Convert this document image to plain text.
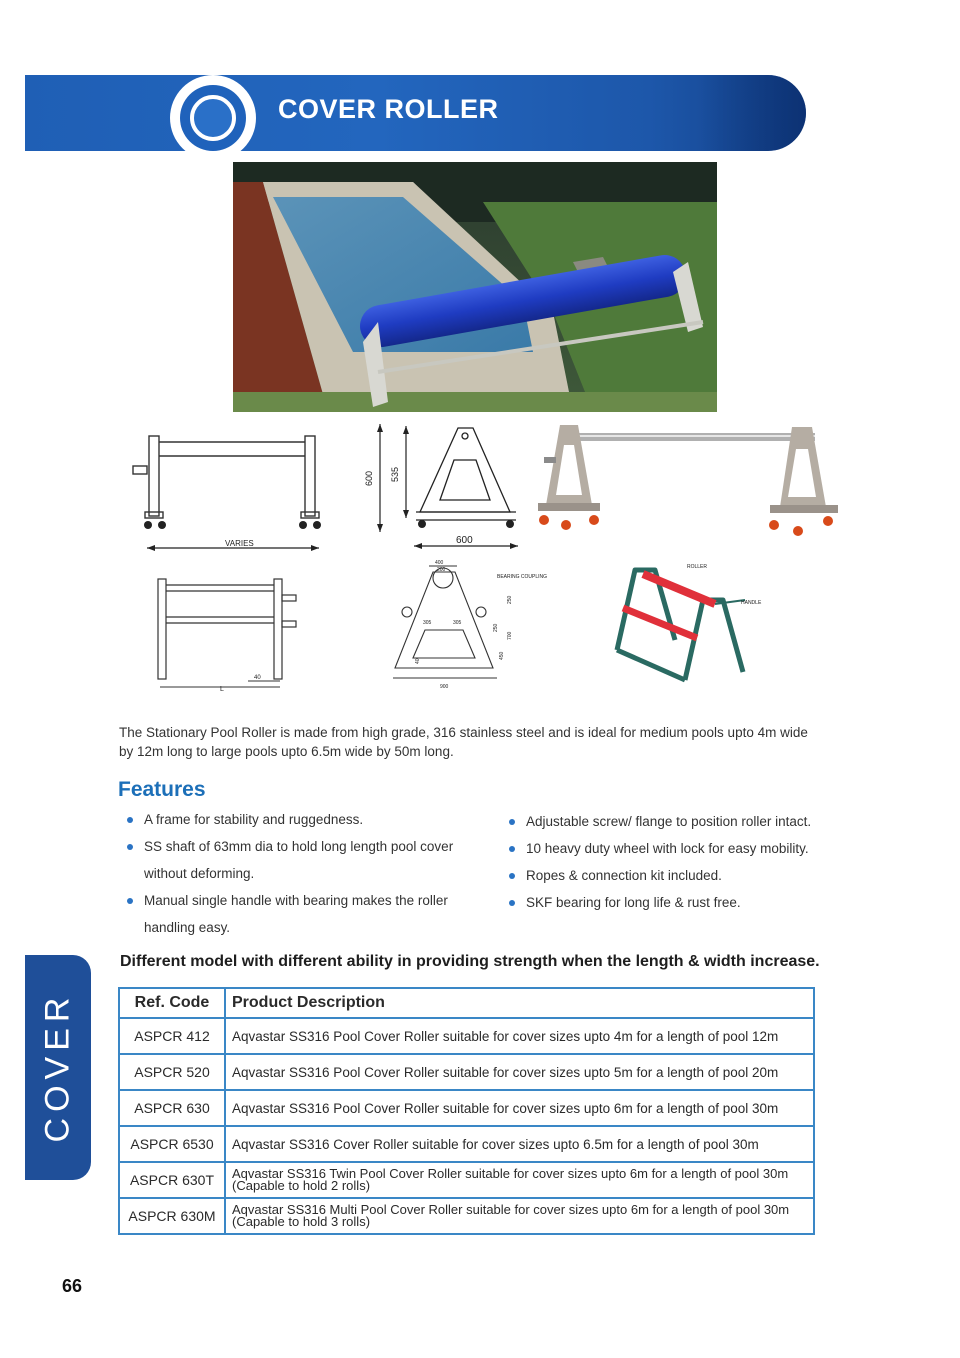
COVER ROLLER
VARIES
600 535
600
L
40
400
200
BEARING COUPLING
305	305
900
250
700
450
40
250
ROLLER
HANDLE
The Stationary Pool Roller is made from high grade, 316 stainless steel and is ideal for medium pools upto 4m wide by 12m long to large pools upto 6.5m wide by 50m long.
Features
A frame for stability and ruggedness.
SS shaft of 63mm dia to hold long length pool cover without deforming.
Manual single handle with bearing makes the roller handling easy.
Adjustable screw/ flange to position roller intact.
10 heavy duty wheel with lock for easy mobility.
Ropes & connection kit included.
SKF bearing for long life & rust free.
Different model with different ability in providing strength when the length & width increase.
Ref. Code	Product Description
ASPCR 412	Aqvastar SS316 Pool Cover Roller suitable for cover sizes upto 4m for a length of pool 12m
ASPCR 520	Aqvastar SS316 Pool Cover Roller suitable for cover sizes upto 5m for a length of pool 20m
ASPCR 630	Aqvastar SS316 Pool Cover Roller suitable for cover sizes upto 6m for a length of pool 30m
ASPCR 6530	Aqvastar SS316 Cover Roller suitable for cover sizes upto 6.5m for a length of pool 30m
ASPCR 630T	Aqvastar SS316 Twin Pool Cover Roller suitable for cover sizes upto 6m for a length of pool 30m
(Capable to hold 2 rolls)

ASPCR 630M	Aqvastar SS316 Multi Pool Cover Roller suitable for cover sizes upto 6m for a length of pool 30m
(Capable to hold 3 rolls)
COVER
66
